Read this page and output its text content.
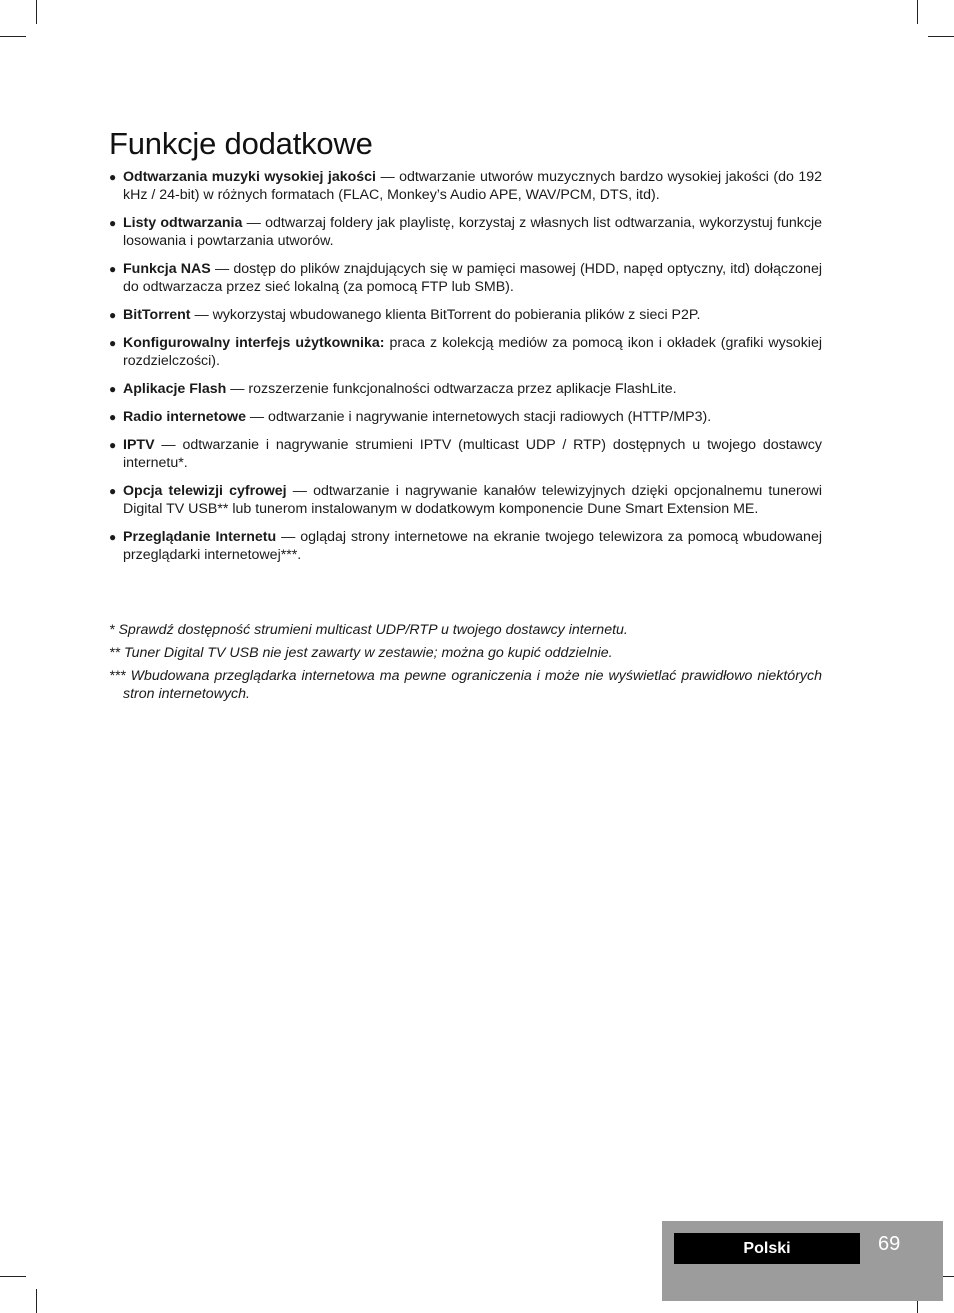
Funkcje dodatkowe
● Odtwarzania muzyki wysokiej jakości — odtwarzanie utworów muzycznych bardzo wysokiej jakości (do 192 kHz / 24-bit) w różnych formatach (FLAC, Monkey’s Audio APE, WAV/PCM, DTS, itd).
● Listy odtwarzania — odtwarzaj foldery jak playlistę, korzystaj z własnych list odtwarzania, wykorzystuj funkcje losowania i powtarzania utworów.
● Funkcja NAS — dostęp do plików znajdujących się w pamięci masowej (HDD, napęd optyczny, itd) dołączonej do odtwarzacza przez sieć lokalną (za pomocą FTP lub SMB).
● BitTorrent — wykorzystaj wbudowanego klienta BitTorrent do pobierania plików z sieci P2P.
● Konfigurowalny interfejs użytkownika: praca z kolekcją mediów za pomocą ikon i okładek (grafiki wysokiej rozdzielczości).
● Aplikacje Flash — rozszerzenie funkcjonalności odtwarzacza przez aplikacje FlashLite.
● Radio internetowe — odtwarzanie i nagrywanie internetowych stacji radiowych (HTTP/MP3).
● IPTV — odtwarzanie i nagrywanie strumieni IPTV (multicast UDP / RTP) dostępnych u twojego dostawcy internetu*.
● Opcja telewizji cyfrowej — odtwarzanie i nagrywanie kanałów telewizyjnych dzięki opcjonalnemu tunerowi Digital TV USB** lub tunerom instalowanym w dodatkowym komponencie Dune Smart Extension ME.
● Przeglądanie Internetu — oglądaj strony internetowe na ekranie twojego telewizora za pomocą wbudowanej przeglądarki internetowej***.

* Sprawdź dostępność strumieni multicast UDP/RTP u twojego dostawcy internetu.

** Tuner Digital TV USB nie jest zawarty w zestawie; można go kupić oddzielnie.

*** Wbudowana przeglądarka internetowa ma pewne ograniczenia i może nie wyświetlać prawidłowo niektórych stron internetowych.

Polski	69
